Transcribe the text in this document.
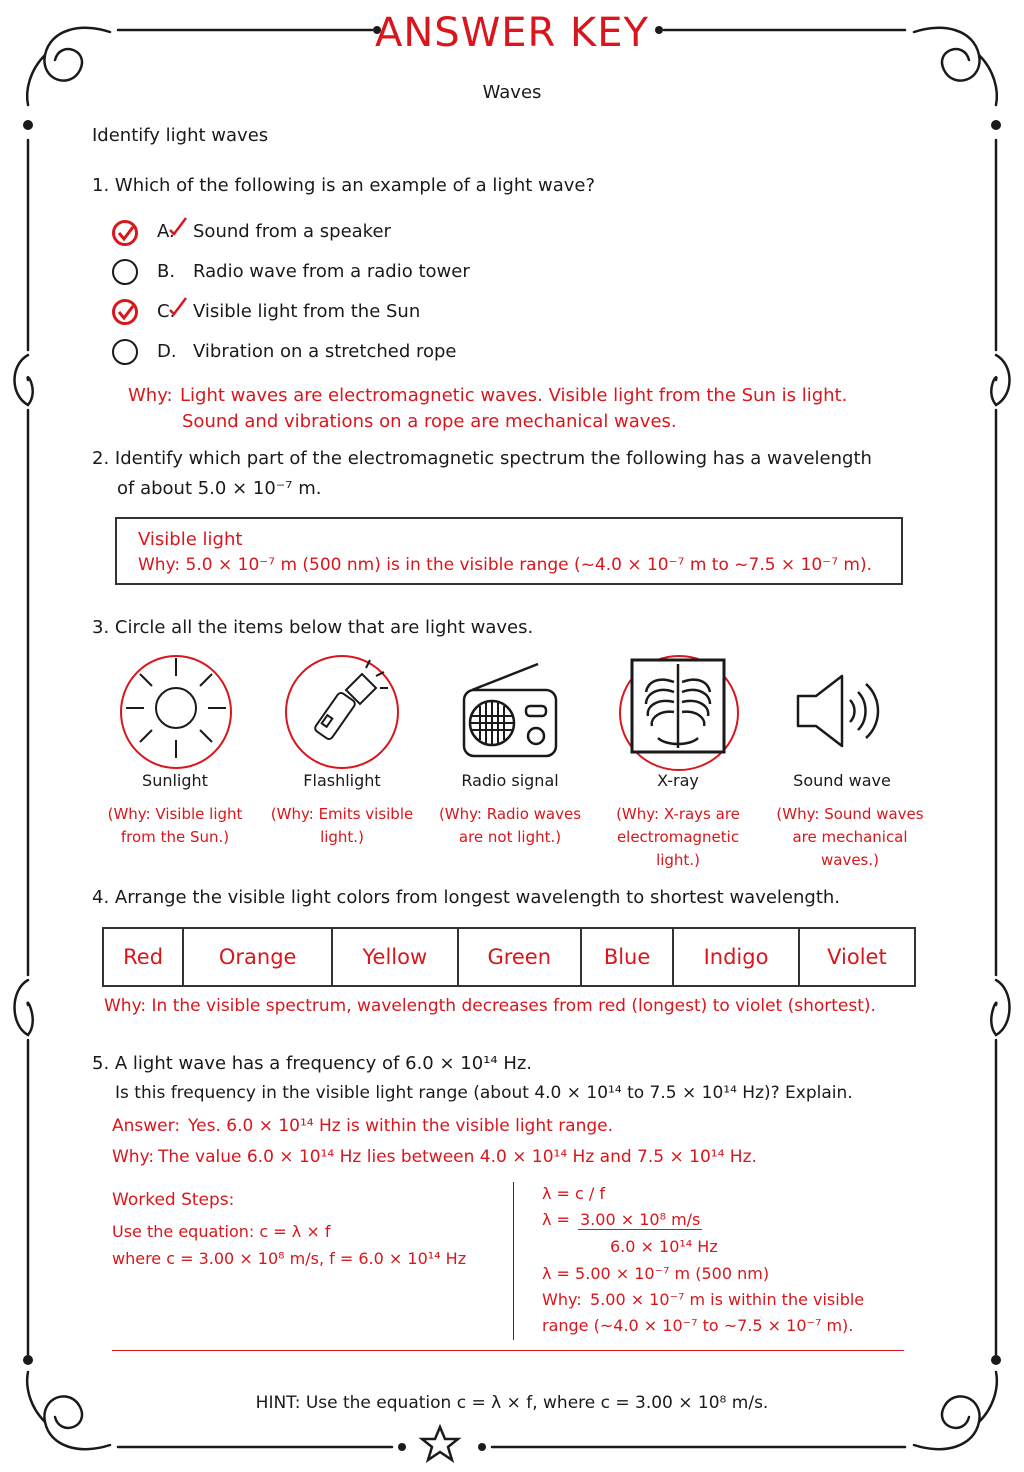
ANSWER KEY
Waves
Identify light waves
1. Which of the following is an example of a light wave?
A. Sound from a speaker
B. Radio wave from a radio tower
C. Visible light from the Sun
D. Vibration on a stretched rope
Why: Light waves are electromagnetic waves. Visible light from the Sun is light.
Sound and vibrations on a rope are mechanical waves.
2. Identify which part of the electromagnetic spectrum the following has a wavelength
of about 5.0 × 10⁻⁷ m.
Visible light
Why: 5.0 × 10⁻⁷ m (500 nm) is in the visible range (~4.0 × 10⁻⁷ m to ~7.5 × 10⁻⁷ m).
3. Circle all the items below that are light waves.
Sunlight
(Why: Visible light from the Sun.)
Flashlight
(Why: Emits visible light.)
Radio signal
(Why: Radio waves are not light.)
X-ray
(Why: X-rays are electromagnetic light.)
Sound wave
(Why: Sound waves are mechanical waves.)
4. Arrange the visible light colors from longest wavelength to shortest wavelength.
Red	Orange	Yellow	Green	Blue	Indigo	Violet
Why: In the visible spectrum, wavelength decreases from red (longest) to violet (shortest).
5. A light wave has a frequency of 6.0 × 10¹⁴ Hz.
Is this frequency in the visible light range (about 4.0 × 10¹⁴ to 7.5 × 10¹⁴ Hz)? Explain.
Answer: Yes. 6.0 × 10¹⁴ Hz is within the visible light range.
Why: The value 6.0 × 10¹⁴ Hz lies between 4.0 × 10¹⁴ Hz and 7.5 × 10¹⁴ Hz.
Worked Steps:
Use the equation: c = λ × f
where c = 3.00 × 10⁸ m/s, f = 6.0 × 10¹⁴ Hz
λ = c / f
λ = 3.00 × 10⁸ m/s
6.0 × 10¹⁴ Hz
λ = 5.00 × 10⁻⁷ m (500 nm)
Why: 5.00 × 10⁻⁷ m is within the visible
range (~4.0 × 10⁻⁷ to ~7.5 × 10⁻⁷ m).
HINT: Use the equation c = λ × f, where c = 3.00 × 10⁸ m/s.
